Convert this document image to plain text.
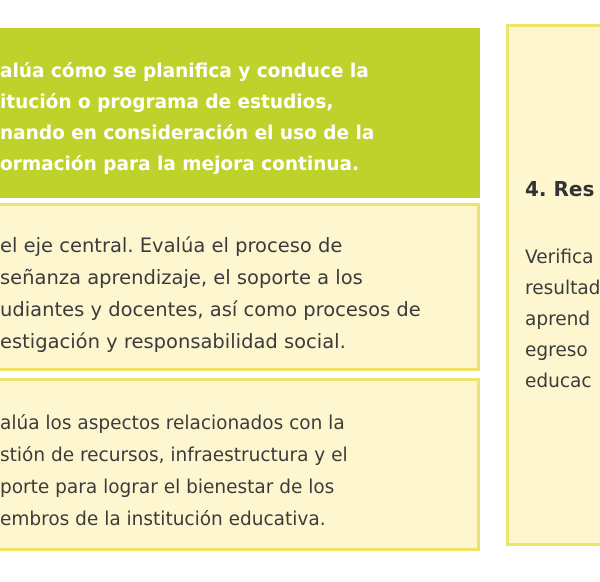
alúa cómo se planifica y conduce la
itución o programa de estudios,
nando en consideración el uso de la
ormación para la mejora continua.

el eje central. Evalúa el proceso de
señanza aprendizaje, el soporte a los
udiantes y docentes, así como procesos de
estigación y responsabilidad social.

alúa los aspectos relacionados con la
stión de recursos, infraestructura y el
porte para lograr el bienestar de los
embros de la institución educativa.

4. Res

Verifica
resultad
aprend
egreso
educac
